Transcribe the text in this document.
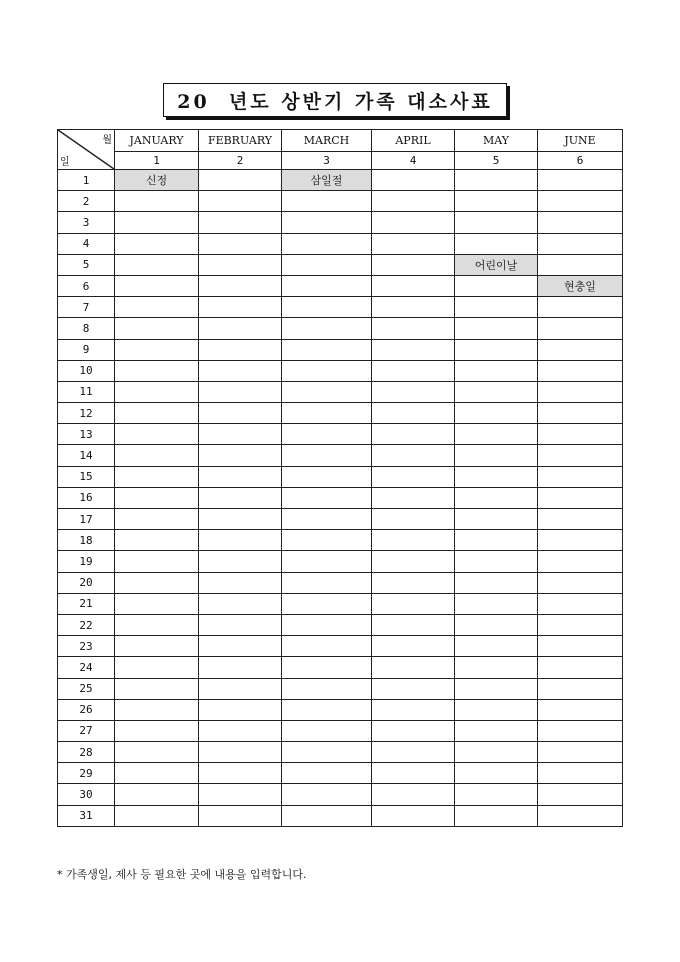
20  년도 상반기 가족 대소사표
월
일	JANUARY	FEBRUARY	MARCH	APRIL	MAY	JUNE
	1	2	3	4	5	6
1	신정		삼일절			
2						
3						
4						
5					어린이날	
6						현충일
7						
8						
9						
10						
11						
12						
13						
14						
15						
16						
17						
18						
19						
20						
21						
22						
23						
24						
25						
26						
27						
28						
29						
30						
31						
* 가족생일, 제사 등 필요한 곳에 내용을 입력합니다.
